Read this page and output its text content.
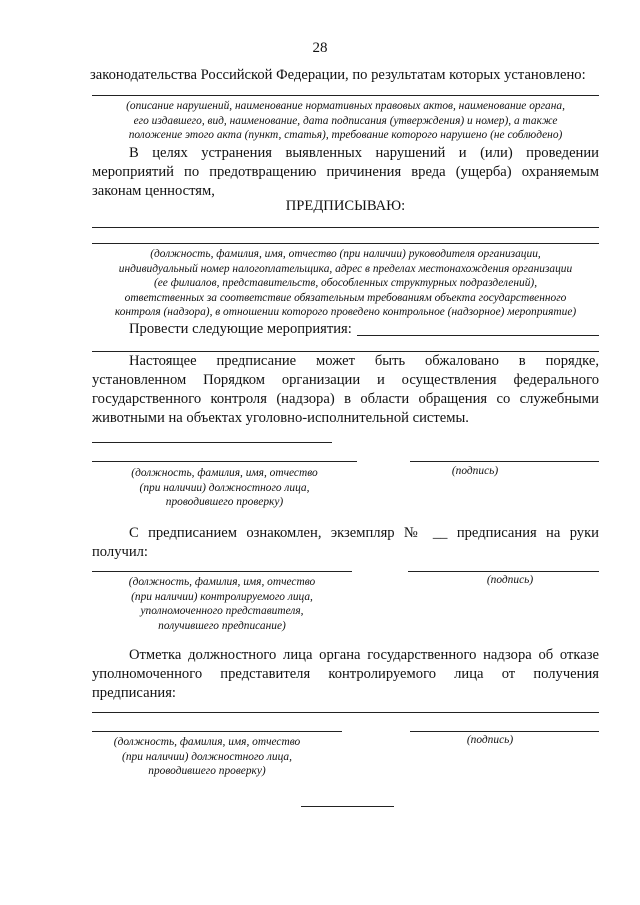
28
законодательства Российской Федерации, по результатам которых установлено:
(описание нарушений, наименование нормативных правовых актов, наименование органа,
его издавшего, вид, наименование, дата подписания (утверждения) и номер), а также
положение этого акта (пункт, статья), требование которого нарушено (не соблюдено)
В целях устранения выявленных нарушений и (или) проведении
мероприятий по предотвращению причинения вреда (ущерба) охраняемым
законам ценностям,
ПРЕДПИСЫВАЮ:
(должность, фамилия, имя, отчество (при наличии) руководителя организации,
индивидуальный номер налогоплательщика, адрес в пределах местонахождения организации
(ее филиалов, представительств, обособленных структурных подразделений),
ответственных за соответствие обязательным требованиям объекта государственного
контроля (надзора), в отношении которого проведено контрольное (надзорное) мероприятие)
Провести следующие мероприятия:
Настоящее предписание может быть обжаловано в порядке,
установленном Порядком организации и осуществления федерального
государственного контроля (надзора) в области обращения со служебными
животными на объектах уголовно-исполнительной системы.
(должность, фамилия, имя, отчество
(при наличии) должностного лица,
проводившего проверку)
(подпись)
С предписанием ознакомлен, экземпляр № __ предписания на руки
получил:
(должность, фамилия, имя, отчество
(при наличии) контролируемого лица,
уполномоченного представителя,
получившего предписание)
(подпись)
Отметка должностного лица органа государственного надзора об отказе
уполномоченного представителя контролируемого лица от получения
предписания:
(должность, фамилия, имя, отчество
(при наличии) должностного лица,
проводившего проверку)
(подпись)
